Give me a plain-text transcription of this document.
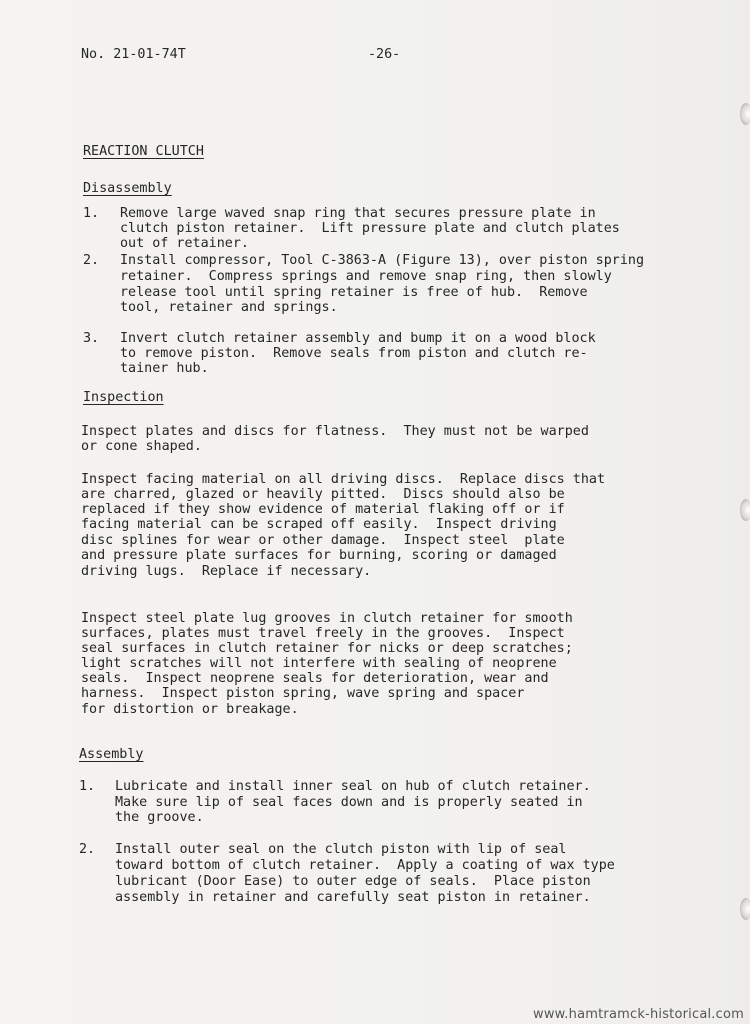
No. 21-01-74T	-26-
REACTION CLUTCH
Disassembly
1. Remove large waved snap ring that secures pressure plate in
clutch piston retainer.  Lift pressure plate and clutch plates
out of retainer.
2. Install compressor, Tool C-3863-A (Figure 13), over piston spring
retainer.  Compress springs and remove snap ring, then slowly
release tool until spring retainer is free of hub.  Remove
tool, retainer and springs.
3. Invert clutch retainer assembly and bump it on a wood block
to remove piston.  Remove seals from piston and clutch re-
tainer hub.
Inspection
Inspect plates and discs for flatness.  They must not be warped
or cone shaped.
Inspect facing material on all driving discs.  Replace discs that
are charred, glazed or heavily pitted.  Discs should also be
replaced if they show evidence of material flaking off or if
facing material can be scraped off easily.  Inspect driving
disc splines for wear or other damage.  Inspect steel  plate
and pressure plate surfaces for burning, scoring or damaged
driving lugs.  Replace if necessary.
Inspect steel plate lug grooves in clutch retainer for smooth
surfaces, plates must travel freely in the grooves.  Inspect
seal surfaces in clutch retainer for nicks or deep scratches;
light scratches will not interfere with sealing of neoprene
seals.  Inspect neoprene seals for deterioration, wear and
harness.  Inspect piston spring, wave spring and spacer
for distortion or breakage.
Assembly
1. Lubricate and install inner seal on hub of clutch retainer.
Make sure lip of seal faces down and is properly seated in
the groove.
2. Install outer seal on the clutch piston with lip of seal
toward bottom of clutch retainer.  Apply a coating of wax type
lubricant (Door Ease) to outer edge of seals.  Place piston
assembly in retainer and carefully seat piston in retainer.
www.hamtramck-historical.com
